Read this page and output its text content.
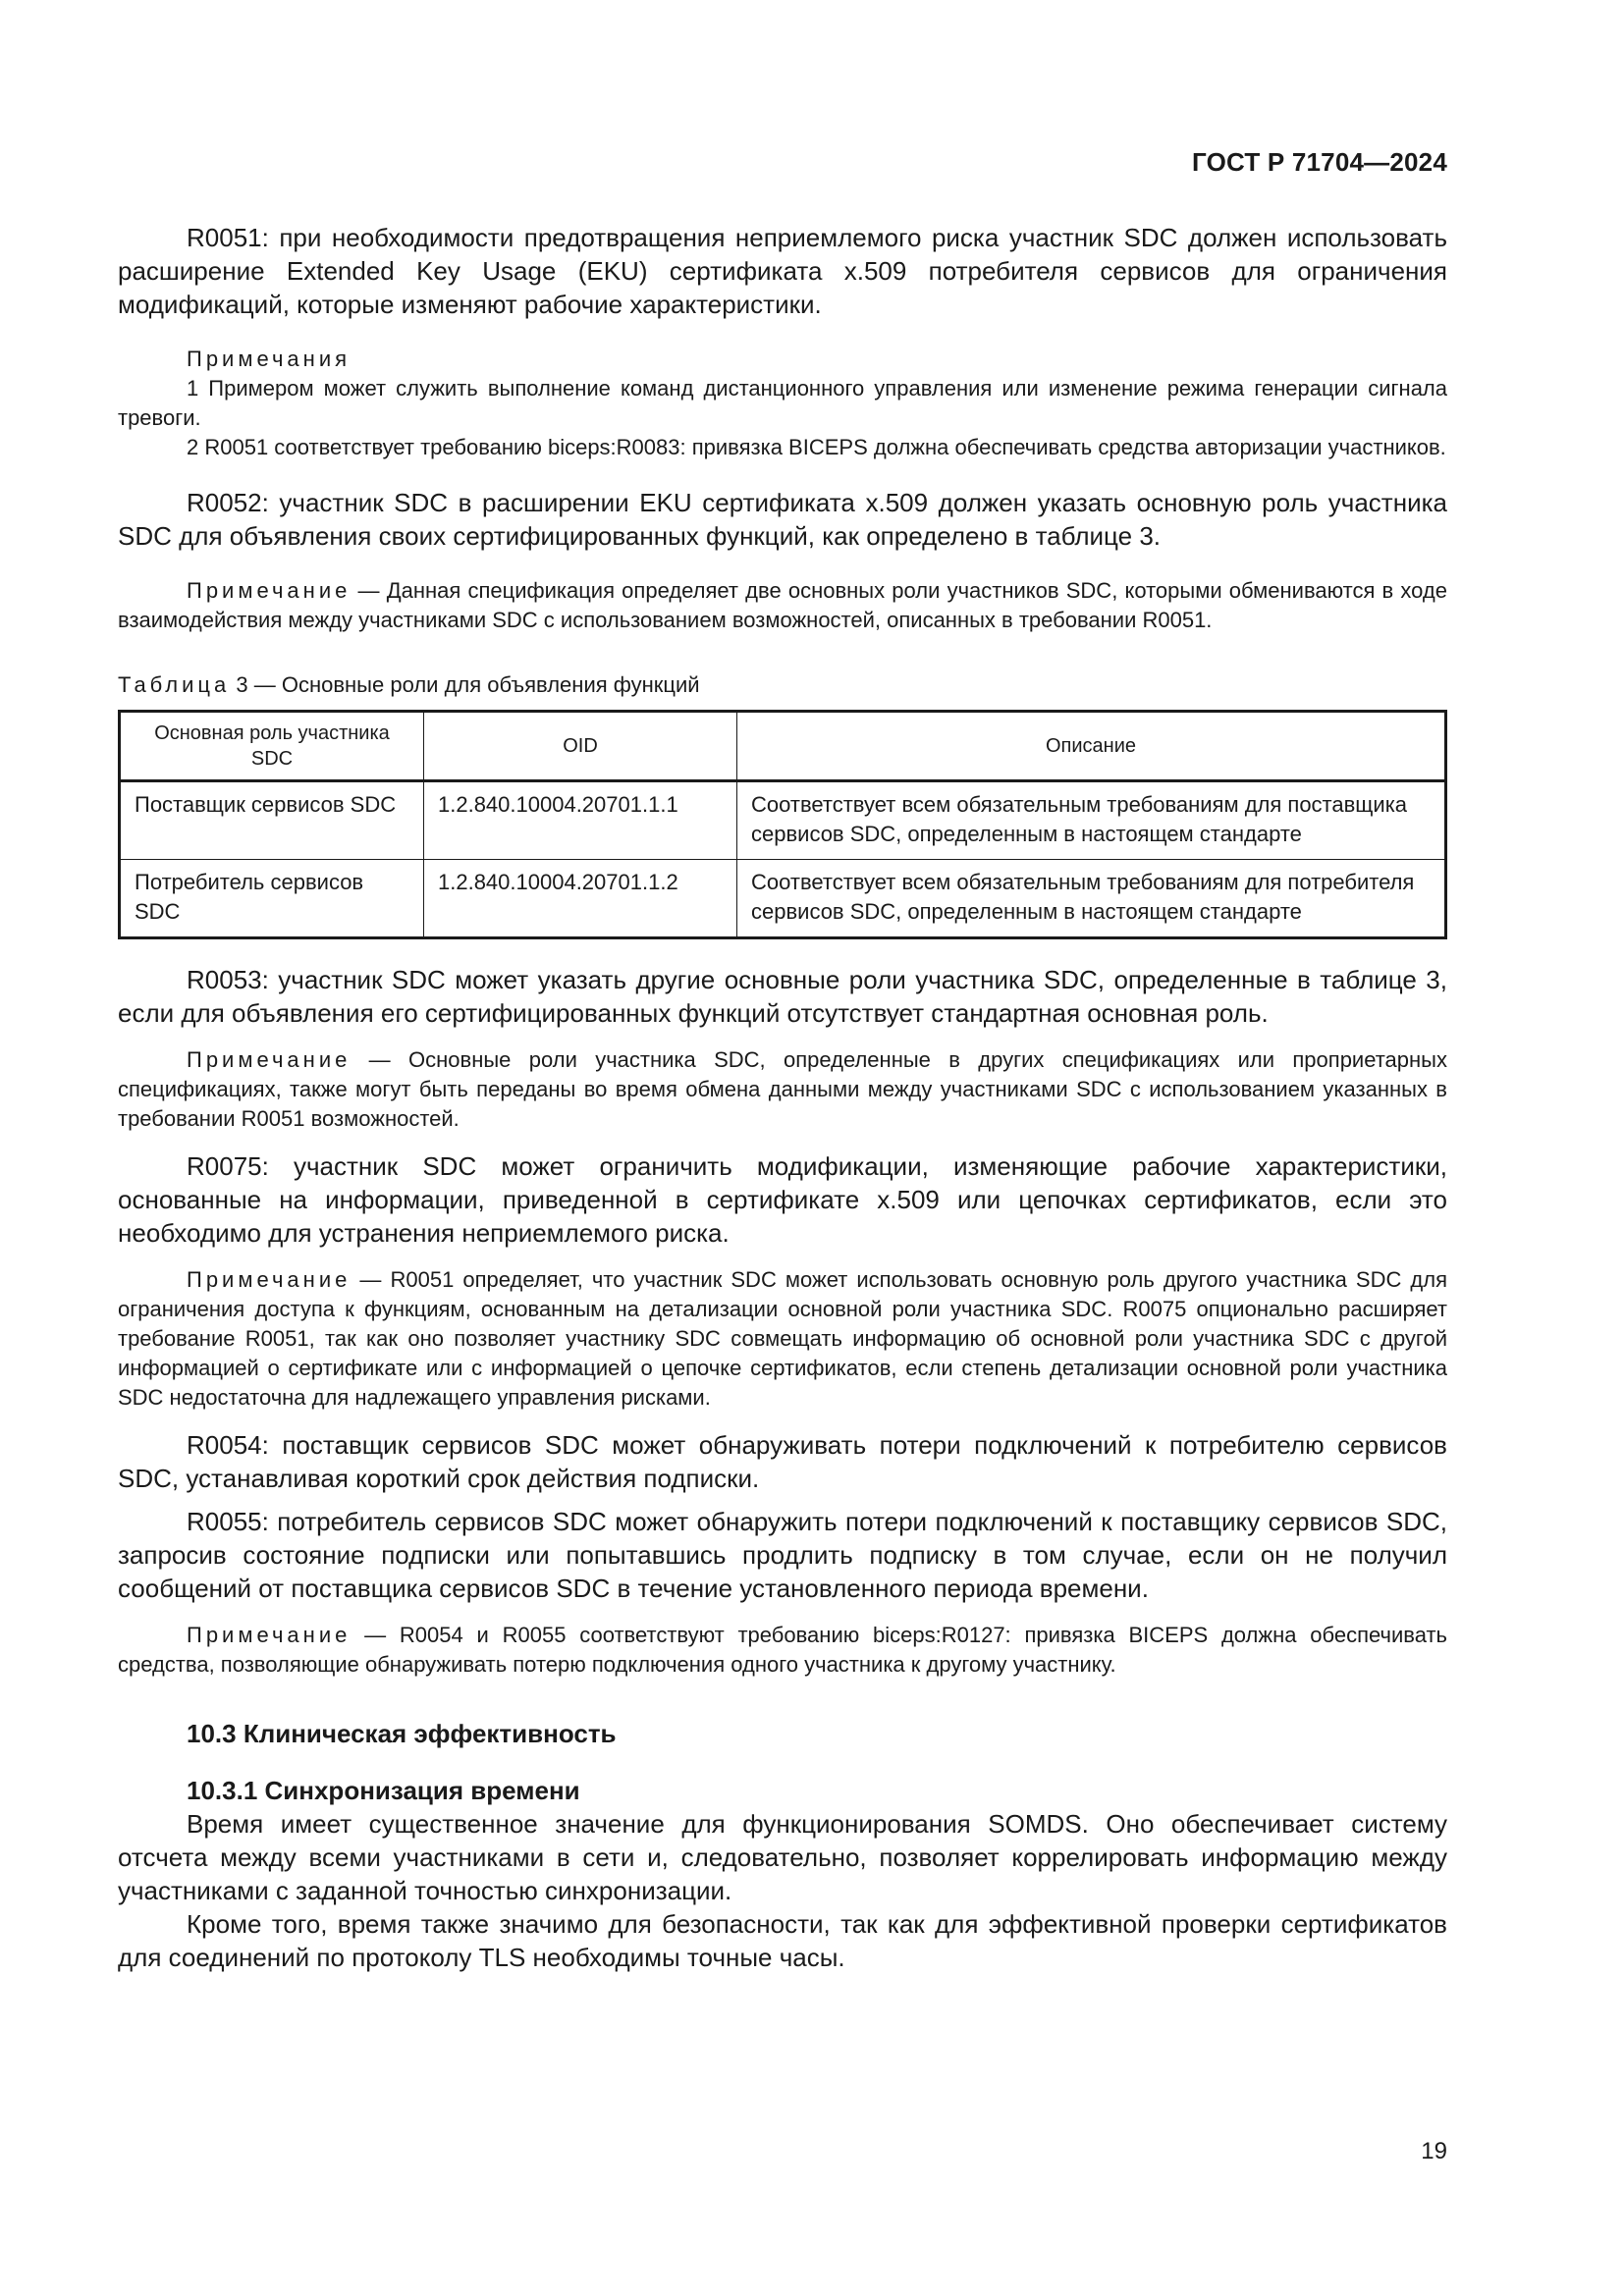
ГОСТ Р 71704—2024

R0051: при необходимости предотвращения неприемлемого риска участник SDC должен использовать расширение Extended Key Usage (EKU) сертификата x.509 потребителя сервисов для ограничения модификаций, которые изменяют рабочие характеристики.

Примечания

1 Примером может служить выполнение команд дистанционного управления или изменение режима генерации сигнала тревоги.

2 R0051 соответствует требованию biceps:R0083: привязка BICEPS должна обеспечивать средства авторизации участников.

R0052: участник SDC в расширении EKU сертификата x.509 должен указать основную роль участника SDC для объявления своих сертифицированных функций, как определено в таблице 3.

Примечание — Данная спецификация определяет две основных роли участников SDC, которыми обмениваются в ходе взаимодействия между участниками SDC с использованием возможностей, описанных в требовании R0051.

Таблица 3 — Основные роли для объявления функций

Основная роль участника SDC	OID	Описание
Поставщик сервисов SDC	1.2.840.10004.20701.1.1	Соответствует всем обязательным требованиям для поставщика сервисов SDC, определенным в настоящем стандарте
Потребитель сервисов SDC	1.2.840.10004.20701.1.2	Соответствует всем обязательным требованиям для потребителя сервисов SDC, определенным в настоящем стандарте

R0053: участник SDC может указать другие основные роли участника SDC, определенные в таблице 3, если для объявления его сертифицированных функций отсутствует стандартная основная роль.

Примечание — Основные роли участника SDC, определенные в других спецификациях или проприетарных спецификациях, также могут быть переданы во время обмена данными между участниками SDC с использованием указанных в требовании R0051 возможностей.

R0075: участник SDC может ограничить модификации, изменяющие рабочие характеристики, основанные на информации, приведенной в сертификате x.509 или цепочках сертификатов, если это необходимо для устранения неприемлемого риска.

Примечание — R0051 определяет, что участник SDC может использовать основную роль другого участника SDC для ограничения доступа к функциям, основанным на детализации основной роли участника SDC. R0075 опционально расширяет требование R0051, так как оно позволяет участнику SDC совмещать информацию об основной роли участника SDC с другой информацией о сертификате или с информацией о цепочке сертификатов, если степень детализации основной роли участника SDC недостаточна для надлежащего управления рисками.

R0054: поставщик сервисов SDC может обнаруживать потери подключений к потребителю сервисов SDC, устанавливая короткий срок действия подписки.

R0055: потребитель сервисов SDC может обнаружить потери подключений к поставщику сервисов SDC, запросив состояние подписки или попытавшись продлить подписку в том случае, если он не получил сообщений от поставщика сервисов SDC в течение установленного периода времени.

Примечание — R0054 и R0055 соответствуют требованию biceps:R0127: привязка BICEPS должна обеспечивать средства, позволяющие обнаруживать потерю подключения одного участника к другому участнику.

10.3 Клиническая эффективность

10.3.1 Синхронизация времени

Время имеет существенное значение для функционирования SOMDS. Оно обеспечивает систему отсчета между всеми участниками в сети и, следовательно, позволяет коррелировать информацию между участниками с заданной точностью синхронизации.

Кроме того, время также значимо для безопасности, так как для эффективной проверки сертификатов для соединений по протоколу TLS необходимы точные часы.

19
